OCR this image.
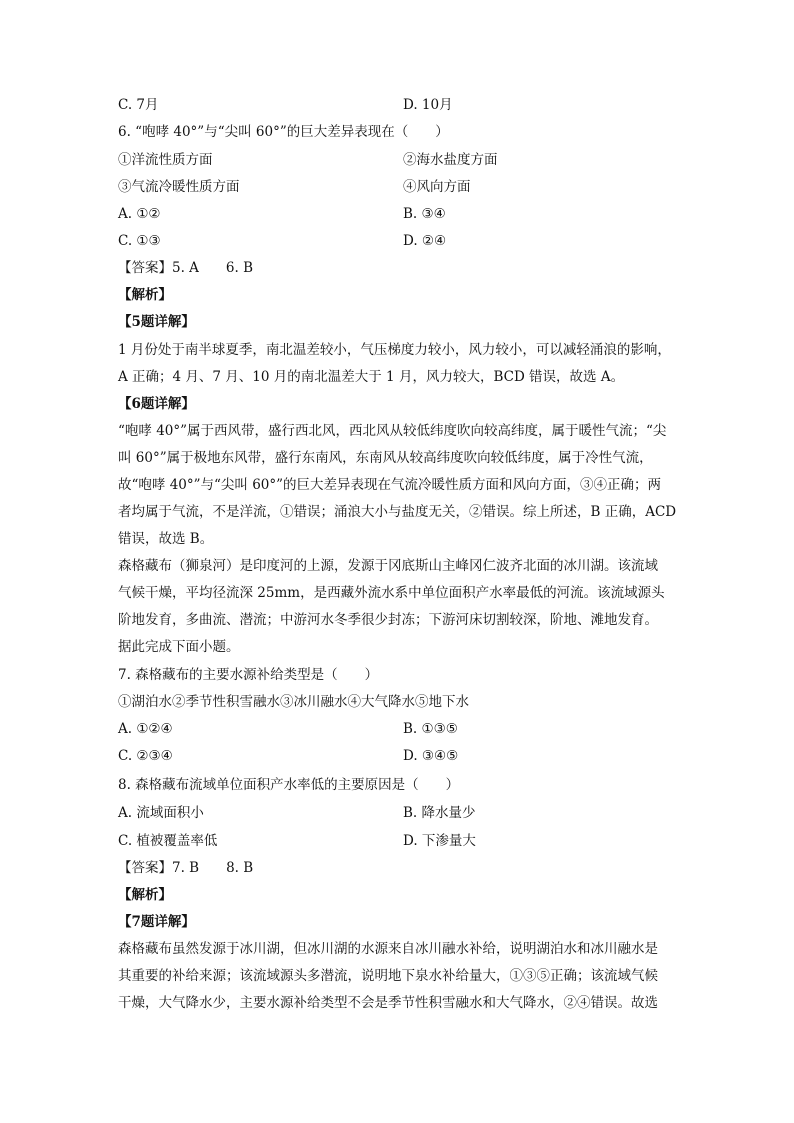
C. 7月	D. 10月
6. “咆哮 40°”与“尖叫 60°”的巨大差异表现在（　　）
①洋流性质方面	②海水盐度方面
③气流冷暖性质方面	④风向方面
A. ①②	B. ③④
C. ①③	D. ②④
【答案】5. A　　6. B
【解析】
【5题详解】
1 月份处于南半球夏季，南北温差较小，气压梯度力较小，风力较小，可以减轻涌浪的影响，
A 正确；4 月、7 月、10 月的南北温差大于 1 月，风力较大，BCD 错误，故选 A。
【6题详解】
“咆哮 40°”属于西风带，盛行西北风，西北风从较低纬度吹向较高纬度，属于暖性气流；“尖
叫 60°”属于极地东风带，盛行东南风，东南风从较高纬度吹向较低纬度，属于冷性气流，
故“咆哮 40°”与“尖叫 60°”的巨大差异表现在气流冷暖性质方面和风向方面，③④正确；两
者均属于气流，不是洋流，①错误；涌浪大小与盐度无关，②错误。综上所述，B 正确，ACD
错误，故选 B。
森格藏布（狮泉河）是印度河的上源，发源于冈底斯山主峰冈仁波齐北面的冰川湖。该流域
气候干燥，平均径流深 25mm，是西藏外流水系中单位面积产水率最低的河流。该流域源头
阶地发育，多曲流、潜流；中游河水冬季很少封冻；下游河床切割较深，阶地、滩地发育。
据此完成下面小题。
7. 森格藏布的主要水源补给类型是（　　）
①湖泊水②季节性积雪融水③冰川融水④大气降水⑤地下水
A. ①②④	B. ①③⑤
C. ②③④	D. ③④⑤
8. 森格藏布流域单位面积产水率低的主要原因是（　　）
A. 流域面积小	B. 降水量少
C. 植被覆盖率低	D. 下渗量大
【答案】7. B　　8. B
【解析】
【7题详解】
森格藏布虽然发源于冰川湖，但冰川湖的水源来自冰川融水补给，说明湖泊水和冰川融水是
其重要的补给来源；该流域源头多潜流，说明地下泉水补给量大，①③⑤正确；该流域气候
干燥，大气降水少，主要水源补给类型不会是季节性积雪融水和大气降水，②④错误。故选
